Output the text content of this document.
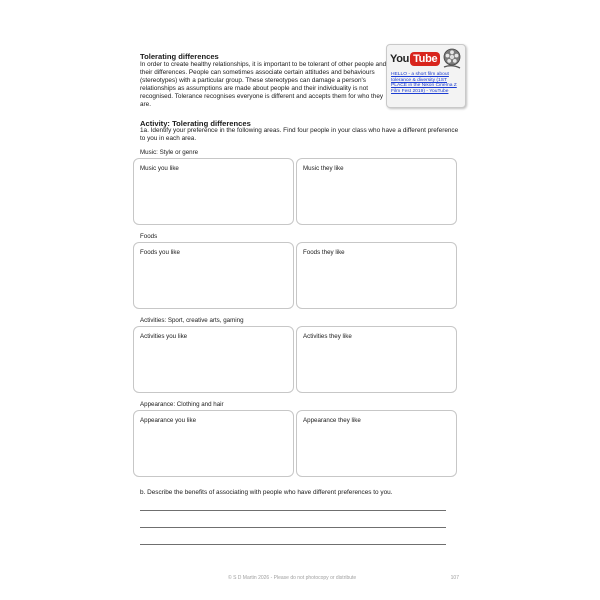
Tolerating differences
In order to create healthy relationships, it is important to be tolerant of other people and their differences. People can sometimes associate certain attitudes and behaviours (stereotypes) with a particular group. These stereotypes can damage a person's relationships as assumptions are made about people and their individuality is not recognised. Tolerance recognises everyone is different and accepts them for who they are.
You Tube
HELLO - a short film about tolerance & diversity (1ST PLACE in the Nikon Cinema Z Film Fest 2019) - YouTube
Activity: Tolerating differences
1a. Identify your preference in the following areas. Find four people in your class who have a different preference to you in each area.
Music: Style or genre
Music you like	Music they like
Foods
Foods you like	Foods they like
Activities: Sport, creative arts, gaming
Activities you like	Activities they like
Appearance: Clothing and hair
Appearance you like	Appearance they like
b. Describe the benefits of associating with people who have different preferences to you.
© S D Martin 2026 - Please do not photocopy or distribute	107
